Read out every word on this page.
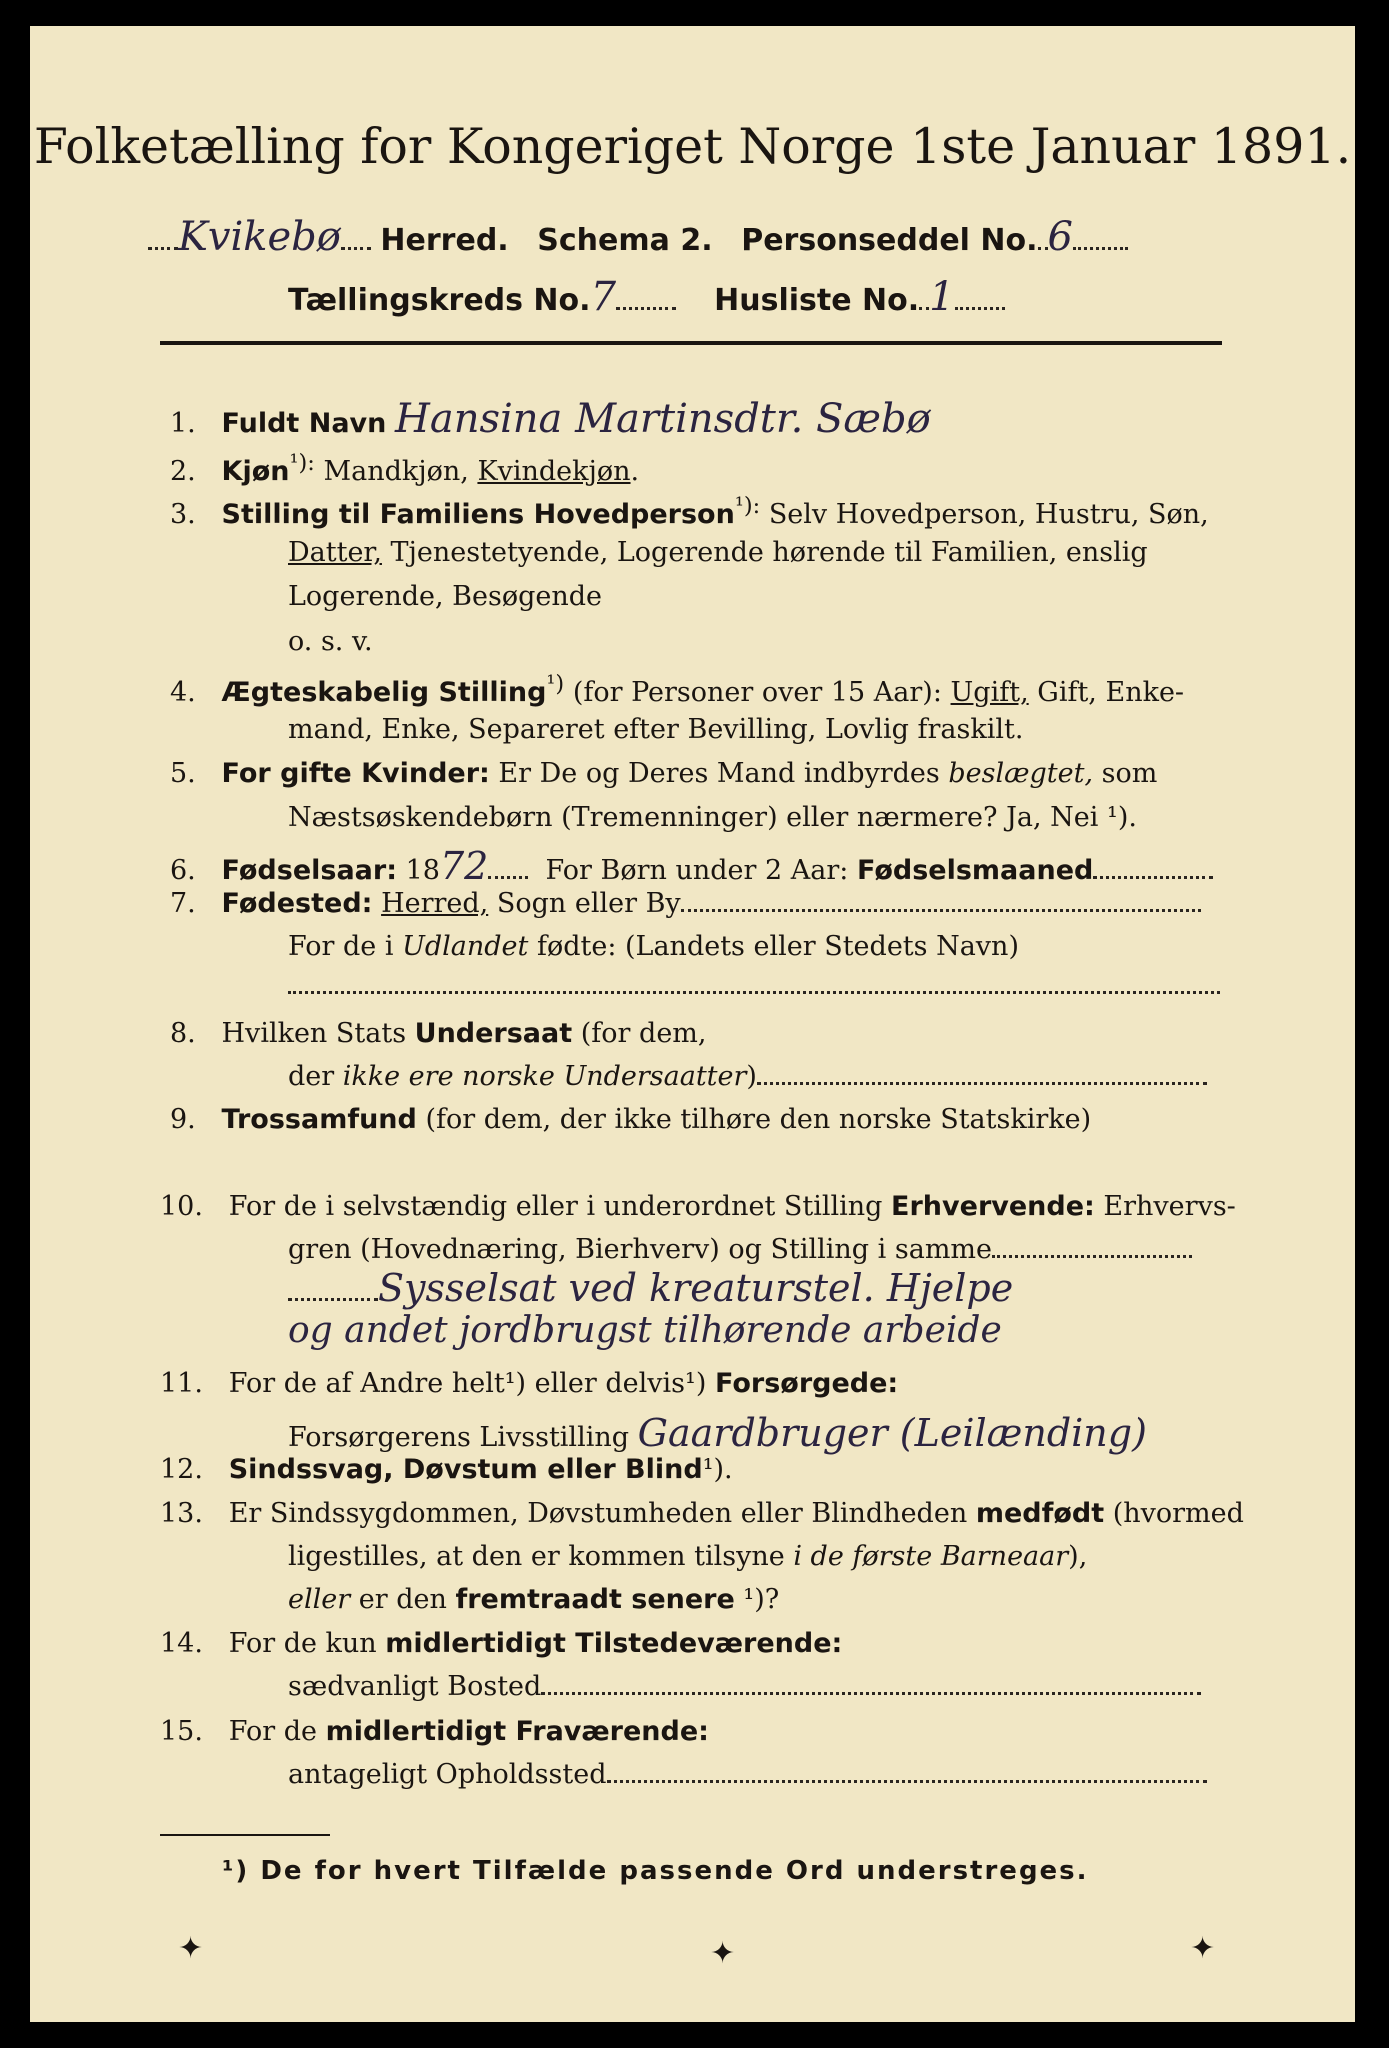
Folketælling for Kongeriget Norge 1ste Januar 1891.
Kvikebø Herred. Schema 2. Personseddel No. 6
Tællingskreds No.7	Husliste No. 1
1. Fuldt Navn Hansina Martinsdtr. Sæbø
2. Kjøn$^{^1):}$ Mandkjøn, Kvindekjøn.
3. Stilling til Familiens Hovedperson$^{^1):}$ Selv Hovedperson, Hustru, Søn,
Datter, Tjenestetyende, Logerende hørende til Familien, enslig
Logerende, Besøgende
o. s. v.
4. Ægteskabelig Stilling$^{^1)}$ (for Personer over 15 Aar): Ugift, Gift, Enke-
mand, Enke, Separeret efter Bevilling, Lovlig fraskilt.
5. For gifte Kvinder: Er De og Deres Mand indbyrdes beslægtet, som
Næstsøskendebørn (Tremenninger) eller nærmere? Ja, Nei ¹).
6. Fødselsaar: 1872 For Børn under 2 Aar: Fødselsmaaned
7. Fødested: Herred, Sogn eller By
For de i Udlandet fødte: (Landets eller Stedets Navn)
8. Hvilken Stats Undersaat (for dem,
der ikke ere norske Undersaatter)
9. Trossamfund (for dem, der ikke tilhøre den norske Statskirke)
10. For de i selvstændig eller i underordnet Stilling Erhvervende: Erhvervs-
gren (Hovednæring, Bierhverv) og Stilling i samme
Sysselsat ved kreaturstel. Hjelpe
og andet jordbrugst tilhørende arbeide
11. For de af Andre helt¹) eller delvis¹) Forsørgede:
Forsørgerens Livsstilling Gaardbruger (Leilænding)
12. Sindssvag, Døvstum eller Blind¹).
13. Er Sindssygdommen, Døvstumheden eller Blindheden medfødt (hvormed
ligestilles, at den er kommen tilsyne i de første Barneaar),
eller er den fremtraadt senere ¹)?
14. For de kun midlertidigt Tilstedeværende:
sædvanligt Bosted
15. For de midlertidigt Fraværende:
antageligt Opholdssted
¹) De for hvert Tilfælde passende Ord understreges.
✦	✦	✦
